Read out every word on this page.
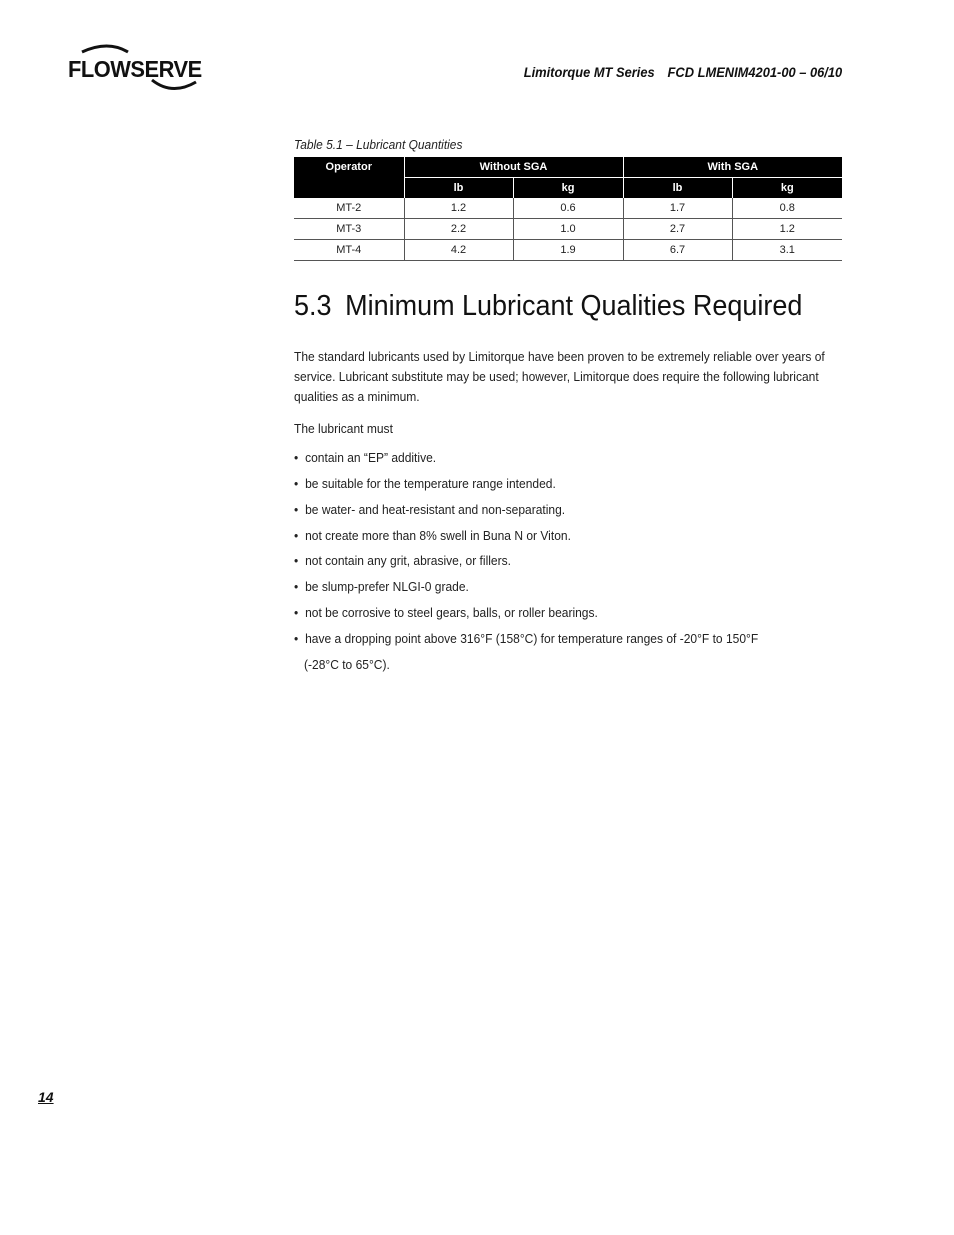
FLOWSERVE	Limitorque MT Series FCD LMENIM4201-00 – 06/10
Table 5.1 – Lubricant Quantities
Operator	Without SGA		With SGA	
	lb	kg	lb	kg
MT-2	1.2	0.6	1.7	0.8
MT-3	2.2	1.0	2.7	1.2
MT-4	4.2	1.9	6.7	3.1
5.3 Minimum Lubricant Qualities Required
The standard lubricants used by Limitorque have been proven to be extremely reliable over years of service. Lubricant substitute may be used; however, Limitorque does require the following lubricant qualities as a minimum.
The lubricant must
• contain an “EP” additive.
• be suitable for the temperature range intended.
• be water- and heat-resistant and non-separating.
• not create more than 8% swell in Buna N or Viton.
• not contain any grit, abrasive, or fillers.
• be slump-prefer NLGI-0 grade.
• not be corrosive to steel gears, balls, or roller bearings.
• have a dropping point above 316°F (158°C) for temperature ranges of -20°F to 150°F
(-28°C to 65°C).
14
